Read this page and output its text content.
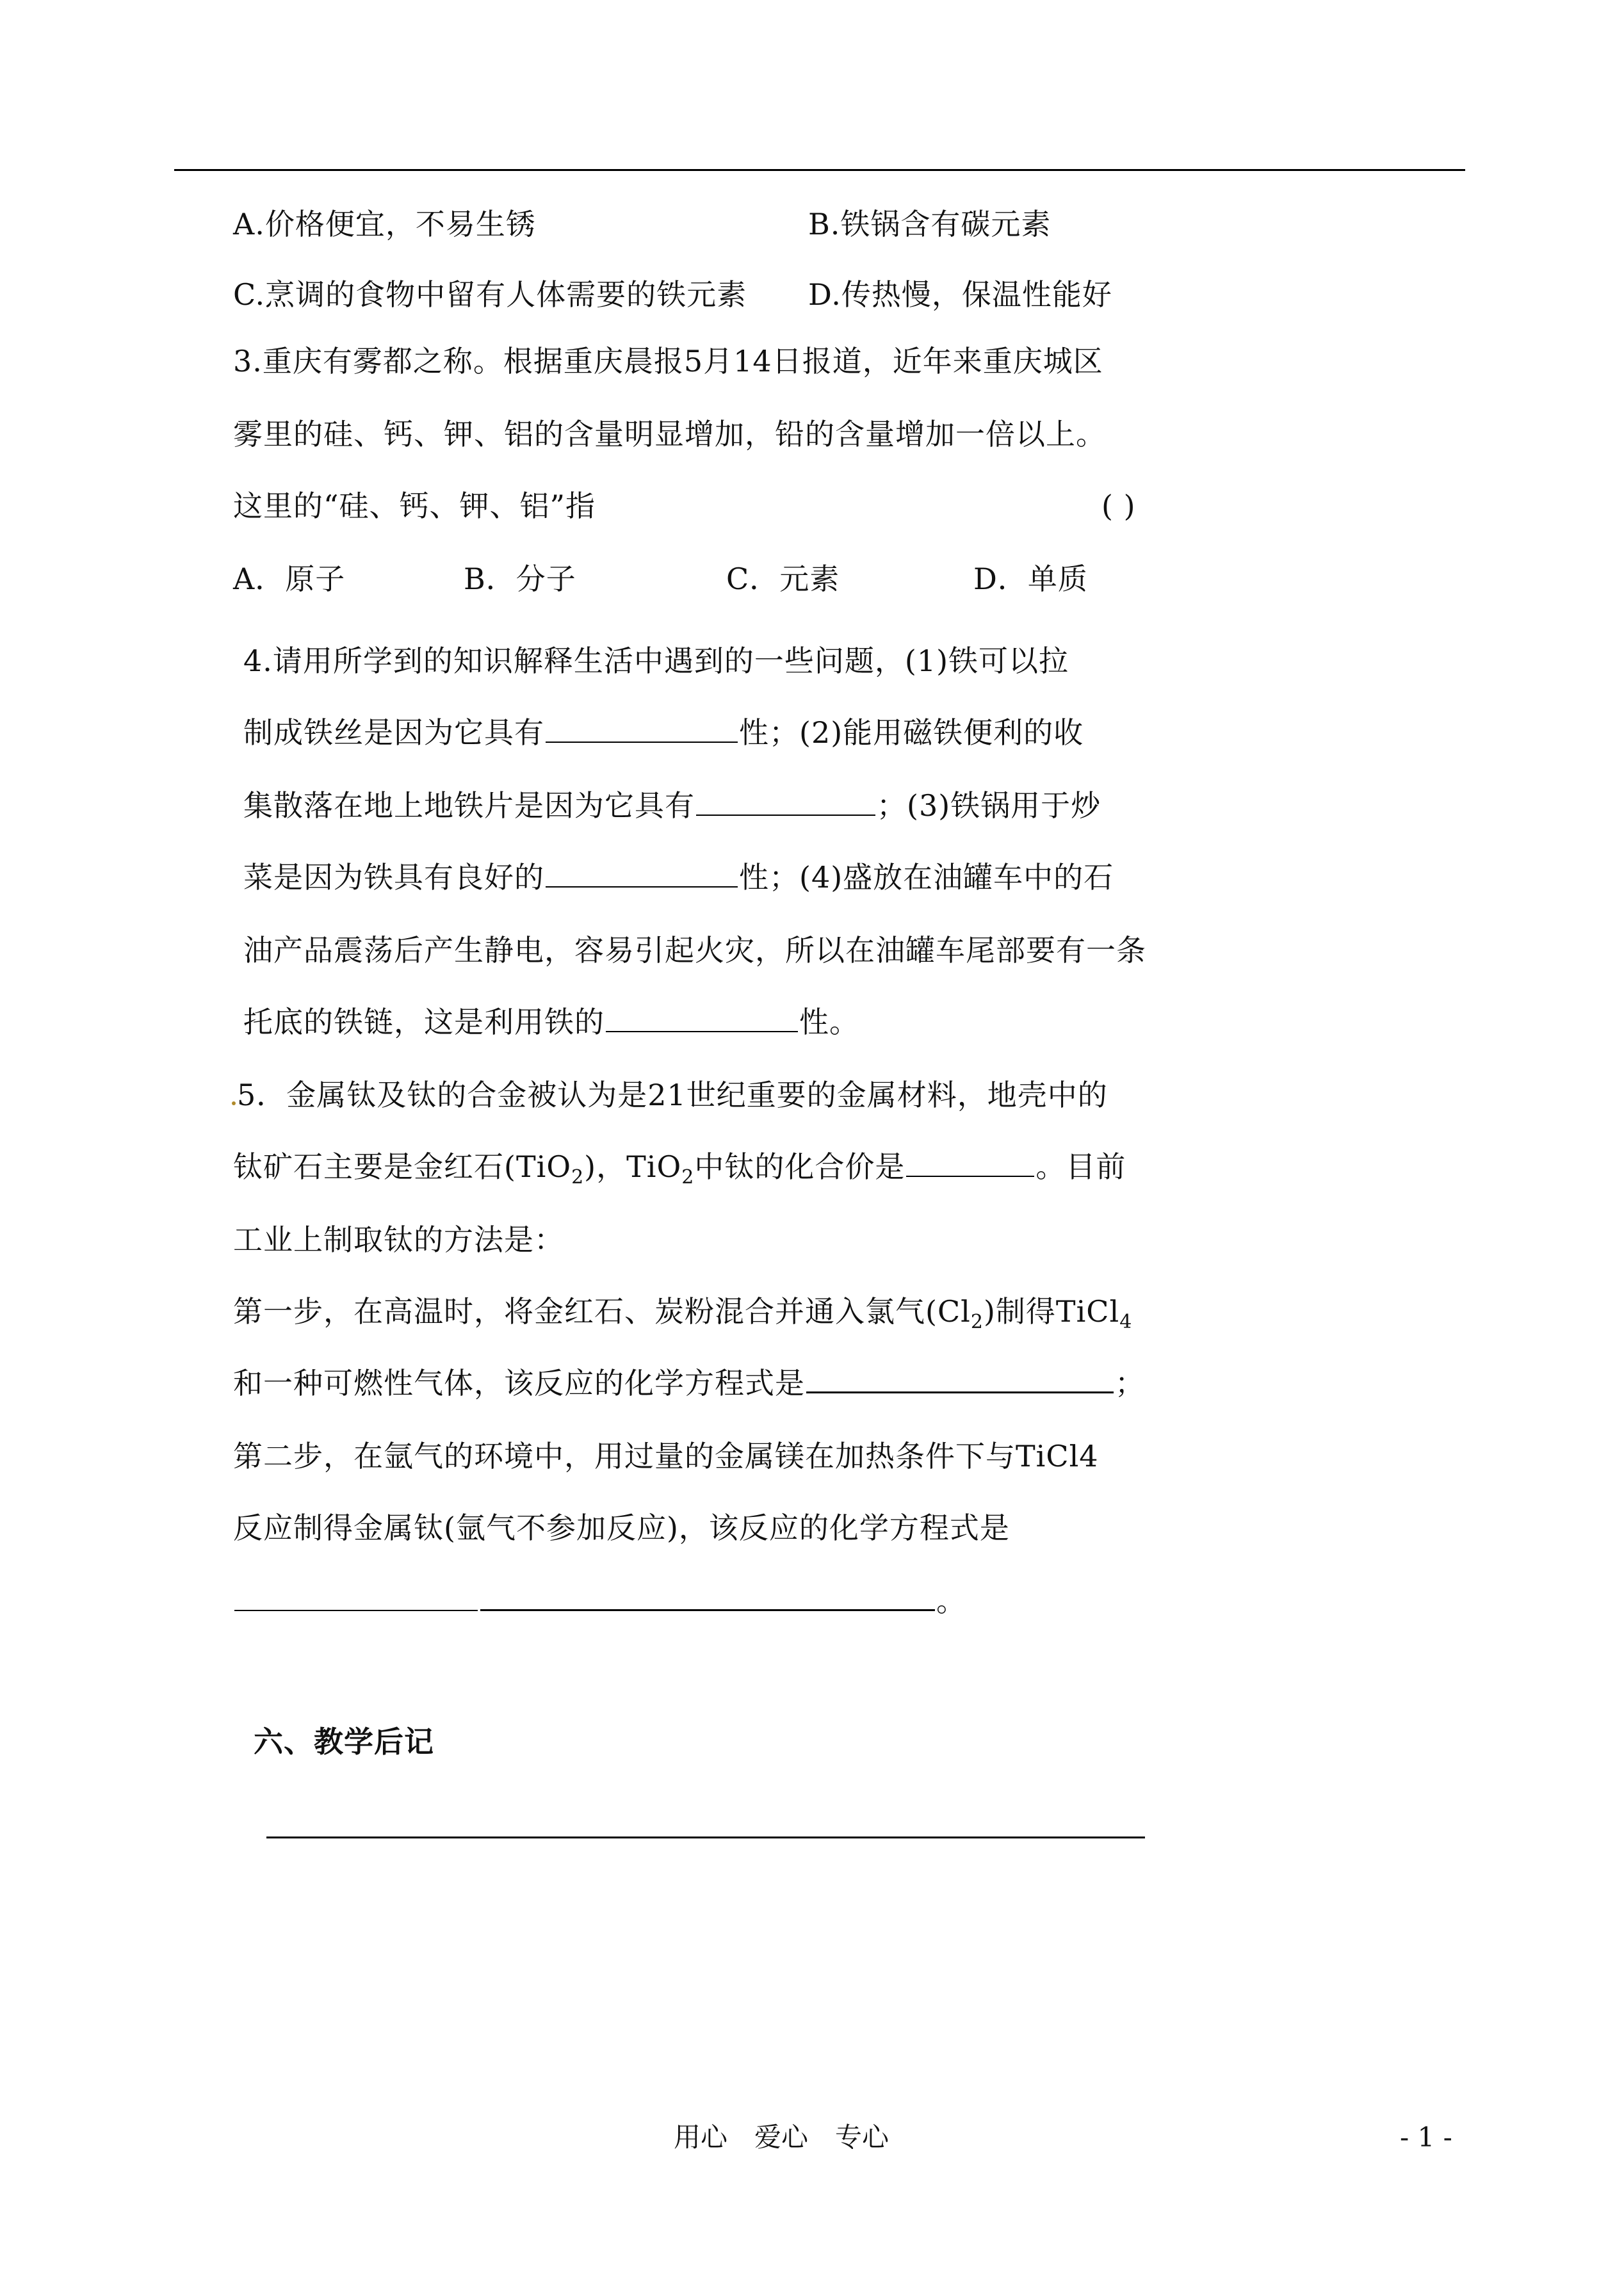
A.价格便宜，不易生锈	B.铁锅含有碳元素
C.烹调的食物中留有人体需要的铁元素 D.传热慢，保温性能好
3.重庆有雾都之称。根据重庆晨报5月14日报道，近年来重庆城区
雾里的硅、钙、钾、铝的含量明显增加，铅的含量增加一倍以上。
这里的“硅、钙、钾、铝”指	( )
A．原子	B．分子	C．元素	D．单质
4.请用所学到的知识解释生活中遇到的一些问题，(1)铁可以拉
制成铁丝是因为它具有	性；(2)能用磁铁便利的收
集散落在地上地铁片是因为它具有	；(3)铁锅用于炒
菜是因为铁具有良好的	性；(4)盛放在油罐车中的石
油产品震荡后产生静电，容易引起火灾，所以在油罐车尾部要有一条
托底的铁链，这是利用铁的	性。
5．金属钛及钛的合金被认为是21世纪重要的金属材料，地壳中的
钛矿石主要是金红石(TiO$_2$)，TiO$_2$中钛的化合价是	。目前
工业上制取钛的方法是：
第一步，在高温时，将金红石、炭粉混合并通入氯气$(Cl_2)$制得TiCl$_4$
和一种可燃性气体，该反应的化学方程式是	；
第二步，在氩气的环境中，用过量的金属镁在加热条件下与TiCl4
反应制得金属钛(氩气不参加反应)，该反应的化学方程式是
。
六、教学后记
用心　爱心　专心	- 1 -
